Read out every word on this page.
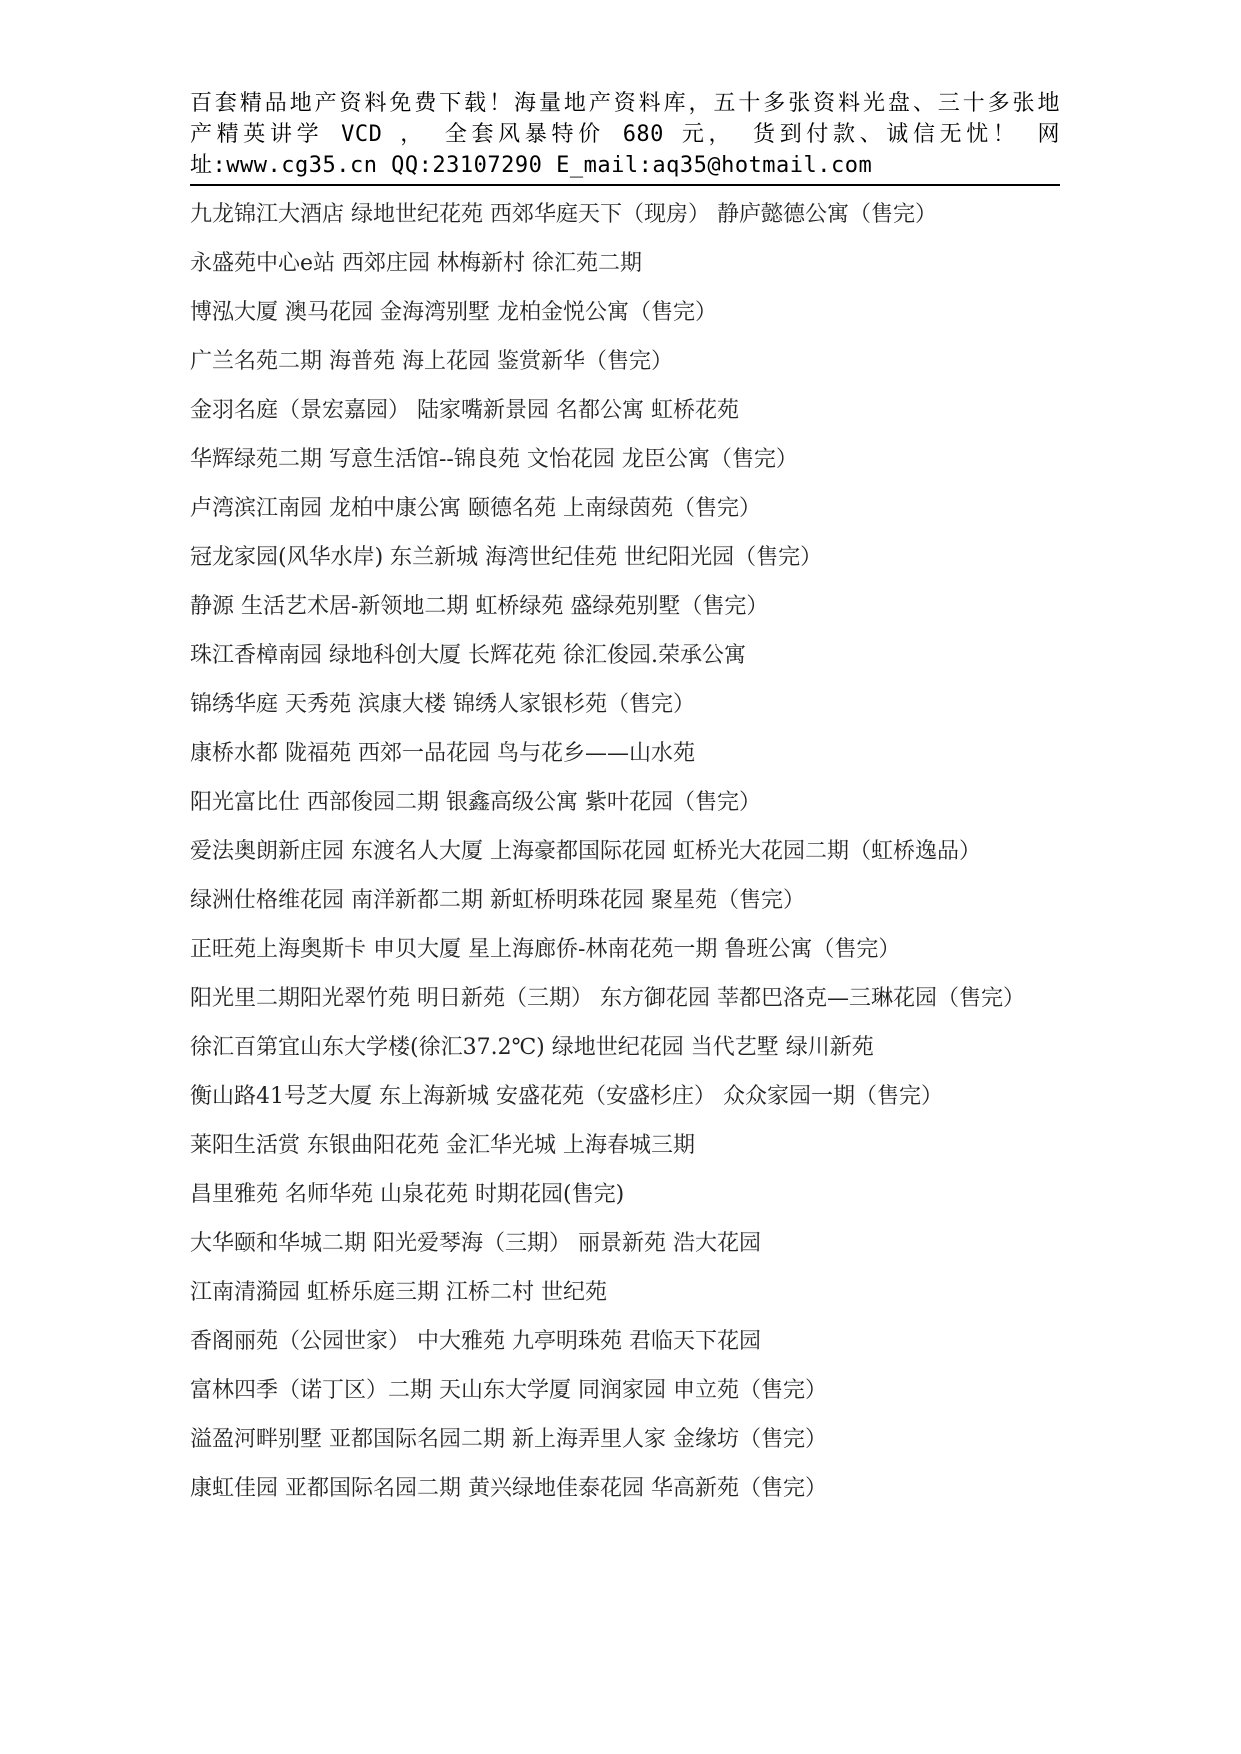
百套精品地产资料免费下载！海量地产资料库，五十多张资料光盘、三十多张地
产精英讲学 VCD ， 全套风暴特价 680 元， 货到付款、诚信无忧！ 网
址:www.cg35.cn QQ:23107290 E_mail:aq35@hotmail.com
九龙锦江大酒店 绿地世纪花苑 西郊华庭天下（现房） 静庐懿德公寓（售完）
永盛苑中心e站 西郊庄园 林梅新村 徐汇苑二期
博泓大厦 澳马花园 金海湾别墅 龙柏金悦公寓（售完）
广兰名苑二期 海普苑 海上花园 鉴赏新华（售完）
金羽名庭（景宏嘉园） 陆家嘴新景园 名都公寓 虹桥花苑
华辉绿苑二期 写意生活馆--锦良苑 文怡花园 龙臣公寓（售完）
卢湾滨江南园 龙柏中康公寓 颐德名苑 上南绿茵苑（售完）
冠龙家园(风华水岸) 东兰新城 海湾世纪佳苑 世纪阳光园（售完）
静源 生活艺术居-新领地二期 虹桥绿苑 盛绿苑别墅（售完）
珠江香樟南园 绿地科创大厦 长辉花苑 徐汇俊园.荣承公寓
锦绣华庭 天秀苑 滨康大楼 锦绣人家银杉苑（售完）
康桥水都 陇福苑 西郊一品花园 鸟与花乡——山水苑
阳光富比仕 西部俊园二期 银鑫高级公寓 紫叶花园（售完）
爱法奥朗新庄园 东渡名人大厦 上海豪都国际花园 虹桥光大花园二期（虹桥逸品）
绿洲仕格维花园 南洋新都二期 新虹桥明珠花园 聚星苑（售完）
正旺苑上海奥斯卡 申贝大厦 星上海廊侨-林南花苑一期 鲁班公寓（售完）
阳光里二期阳光翠竹苑 明日新苑（三期） 东方御花园 莘都巴洛克—三琳花园（售完）
徐汇百第宜山东大学楼(徐汇37.2℃) 绿地世纪花园 当代艺墅 绿川新苑
衡山路41号芝大厦 东上海新城 安盛花苑（安盛杉庄） 众众家园一期（售完）
莱阳生活赏 东银曲阳花苑 金汇华光城 上海春城三期
昌里雅苑 名师华苑 山泉花苑 时期花园(售完)
大华颐和华城二期 阳光爱琴海（三期） 丽景新苑 浩大花园
江南清漪园 虹桥乐庭三期 江桥二村 世纪苑
香阁丽苑（公园世家） 中大雅苑 九亭明珠苑 君临天下花园
富林四季（诺丁区）二期 天山东大学厦 同润家园 申立苑（售完）
溢盈河畔别墅 亚都国际名园二期 新上海弄里人家 金缘坊（售完）
康虹佳园 亚都国际名园二期 黄兴绿地佳泰花园 华高新苑（售完）
